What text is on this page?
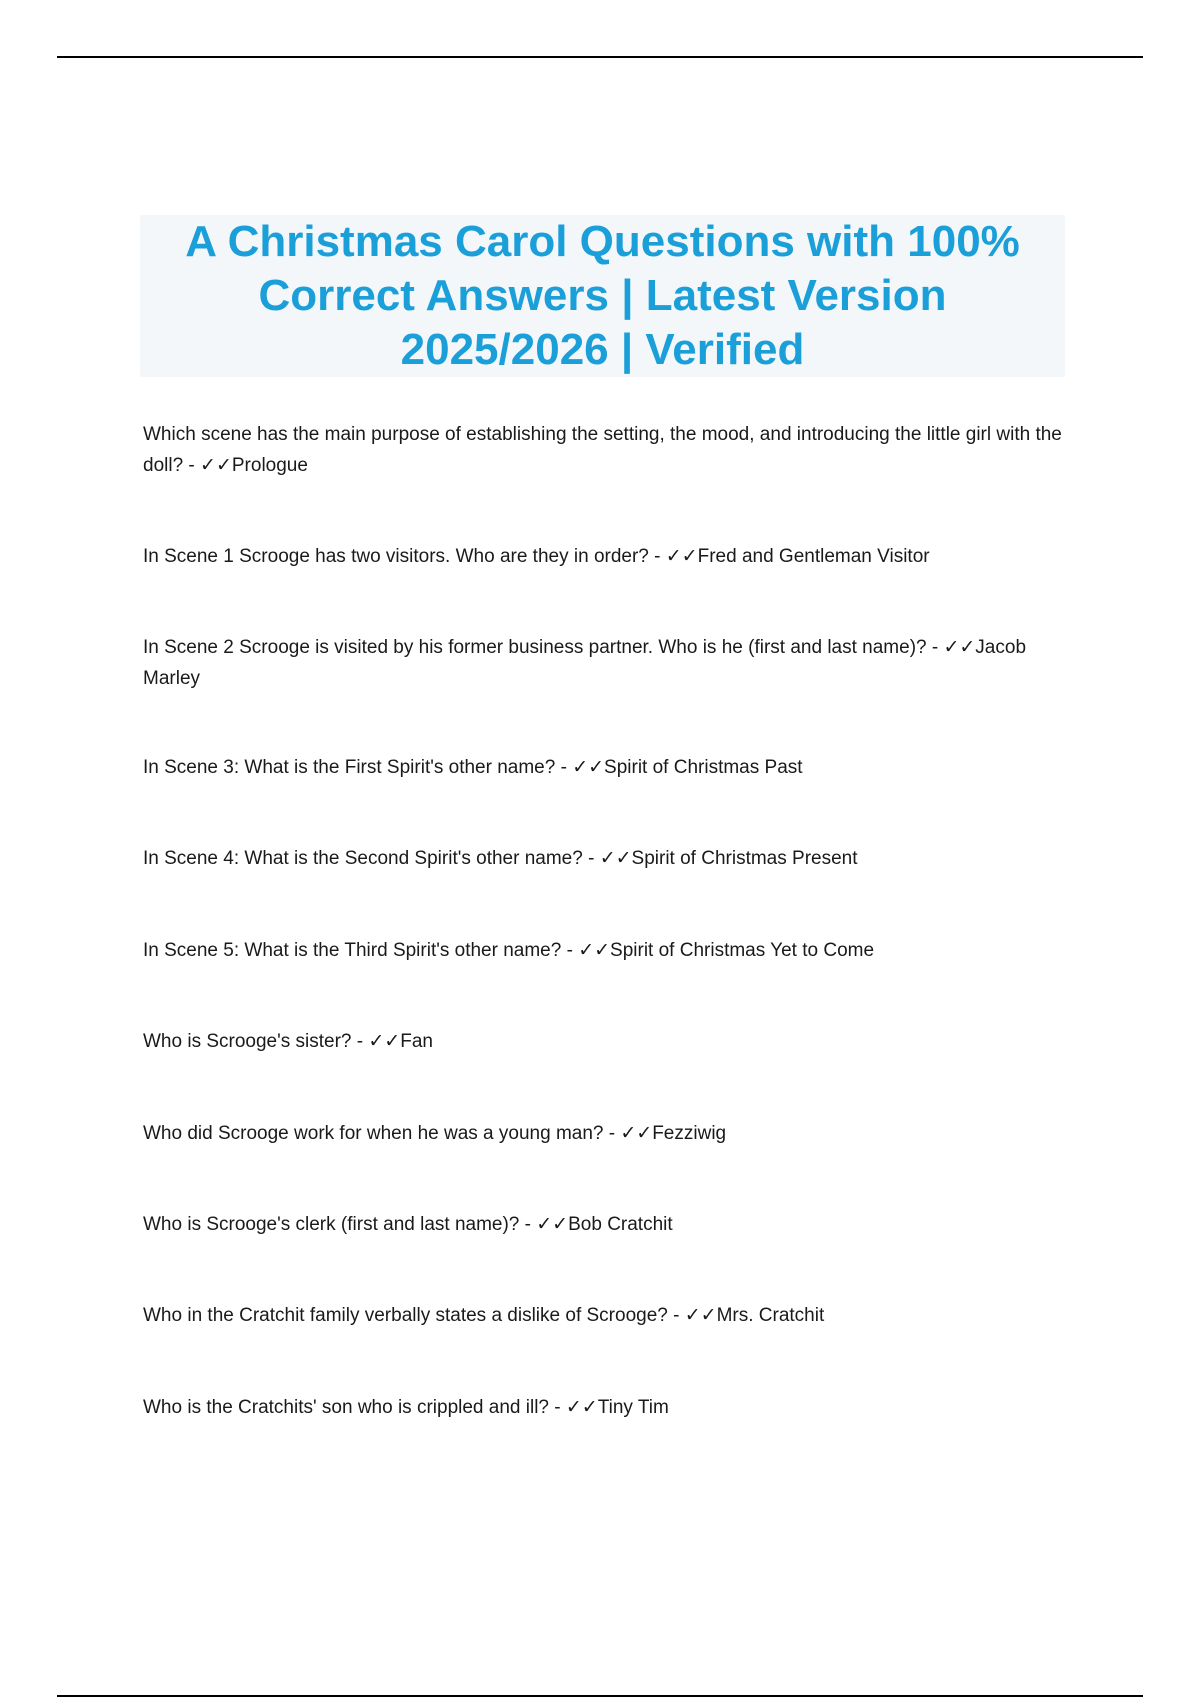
A Christmas Carol Questions with 100% Correct Answers | Latest Version 2025/2026 | Verified
Which scene has the main purpose of establishing the setting, the mood, and introducing the little girl with the doll? - ✓✓Prologue
In Scene 1 Scrooge has two visitors. Who are they in order? - ✓✓Fred and Gentleman Visitor
In Scene 2 Scrooge is visited by his former business partner. Who is he (first and last name)? - ✓✓Jacob Marley
In Scene 3: What is the First Spirit's other name? - ✓✓Spirit of Christmas Past
In Scene 4: What is the Second Spirit's other name? - ✓✓Spirit of Christmas Present
In Scene 5: What is the Third Spirit's other name? - ✓✓Spirit of Christmas Yet to Come
Who is Scrooge's sister? - ✓✓Fan
Who did Scrooge work for when he was a young man? - ✓✓Fezziwig
Who is Scrooge's clerk (first and last name)? - ✓✓Bob Cratchit
Who in the Cratchit family verbally states a dislike of Scrooge? - ✓✓Mrs. Cratchit
Who is the Cratchits' son who is crippled and ill? - ✓✓Tiny Tim
